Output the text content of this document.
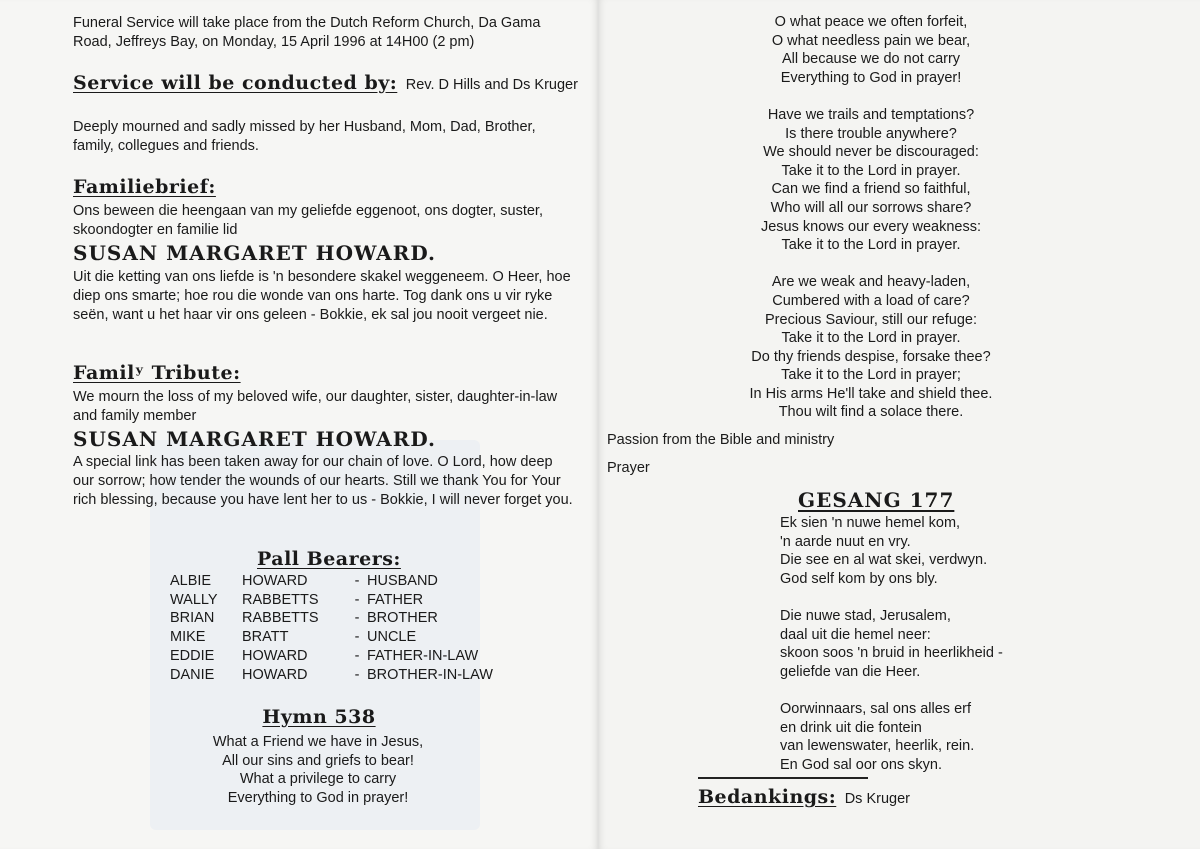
Funeral Service will take place from the Dutch Reform Church, Da Gama Road, Jeffreys Bay, on Monday, 15 April 1996 at 14H00 (2 pm)
Service will be conducted by: Rev. D Hills and Ds Kruger
Deeply mourned and sadly missed by her Husband, Mom, Dad, Brother, family, collegues and friends.
Familiebrief:
Ons beween die heengaan van my geliefde eggenoot, ons dogter, suster, skoondogter en familie lid
SUSAN MARGARET HOWARD.
Uit die ketting van ons liefde is 'n besondere skakel weggeneem. O Heer, hoe diep ons smarte; hoe rou die wonde van ons harte. Tog dank ons u vir ryke seën, want u het haar vir ons geleen - Bokkie, ek sal jou nooit vergeet nie.
Familʸ Tribute:
We mourn the loss of my beloved wife, our daughter, sister, daughter-in-law and family member
SUSAN MARGARET HOWARD.
A special link has been taken away for our chain of love. O Lord, how deep our sorrow; how tender the wounds of our hearts. Still we thank You for Your rich blessing, because you have lent her to us - Bokkie, I will never forget you.
Pall Bearers:
ALBIE	HOWARD	-	HUSBAND
WALLY	RABBETTS	-	FATHER
BRIAN	RABBETTS	-	BROTHER
MIKE	BRATT	-	UNCLE
EDDIE	HOWARD	-	FATHER-IN-LAW
DANIE	HOWARD	-	BROTHER-IN-LAW
Hymn 538
What a Friend we have in Jesus,
All our sins and griefs to bear!
What a privilege to carry
Everything to God in prayer!
O what peace we often forfeit,
O what needless pain we bear,
All because we do not carry
Everything to God in prayer!
Have we trails and temptations?
Is there trouble anywhere?
We should never be discouraged:
Take it to the Lord in prayer.
Can we find a friend so faithful,
Who will all our sorrows share?
Jesus knows our every weakness:
Take it to the Lord in prayer.
Are we weak and heavy-laden,
Cumbered with a load of care?
Precious Saviour, still our refuge:
Take it to the Lord in prayer.
Do thy friends despise, forsake thee?
Take it to the Lord in prayer;
In His arms He'll take and shield thee.
Thou wilt find a solace there.
Passion from the Bible and ministry
Prayer
GESANG 177
Ek sien 'n nuwe hemel kom,
'n aarde nuut en vry.
Die see en al wat skei, verdwyn.
God self kom by ons bly.
Die nuwe stad, Jerusalem,
daal uit die hemel neer:
skoon soos 'n bruid in heerlikheid -
geliefde van die Heer.
Oorwinnaars, sal ons alles erf
en drink uit die fontein
van lewenswater, heerlik, rein.
En God sal oor ons skyn.
Bedankings: Ds Kruger
